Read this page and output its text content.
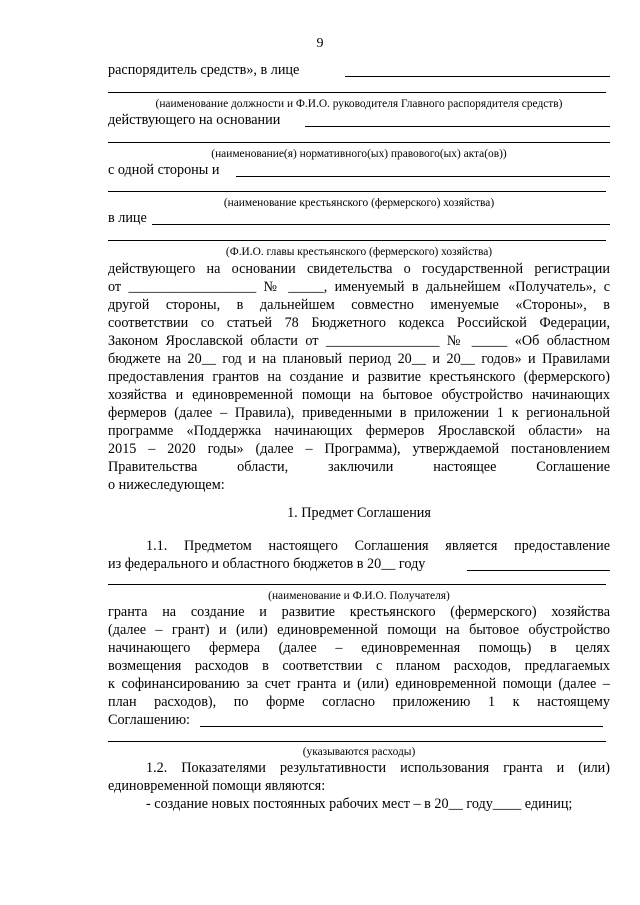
9
распорядитель средств», в лице
(наименование должности и Ф.И.О. руководителя Главного распорядителя средств)
действующего на основании
(наименование(я) нормативного(ых) правового(ых) акта(ов))
с одной стороны и
(наименование крестьянского (фермерского) хозяйства)
в лице
(Ф.И.О. главы крестьянского (фермерского) хозяйства)
действующего на основании свидетельства о государственной регистрации
от __________________ № _____, именуемый в дальнейшем «Получатель», с
другой стороны, в дальнейшем совместно именуемые «Стороны», в
соответствии со статьей 78 Бюджетного кодекса Российской Федерации,
Законом Ярославской области от ________________ № _____ «Об областном
бюджете на 20__ год и на плановый период 20__ и 20__ годов» и Правилами
предоставления грантов на создание и развитие крестьянского (фермерского)
хозяйства и единовременной помощи на бытовое обустройство начинающих
фермеров (далее – Правила), приведенными в приложении 1 к региональной
программе «Поддержка начинающих фермеров Ярославской области» на
2015 – 2020 годы» (далее – Программа), утверждаемой постановлением
Правительства области, заключили настоящее Соглашение
о нижеследующем:
1. Предмет Соглашения
1.1. Предметом настоящего Соглашения является предоставление
из федерального и областного бюджетов в 20__ году
(наименование и Ф.И.О. Получателя)
гранта на создание и развитие крестьянского (фермерского) хозяйства
(далее – грант) и (или) единовременной помощи на бытовое обустройство
начинающего фермера (далее – единовременная помощь) в целях
возмещения расходов в соответствии с планом расходов, предлагаемых
к софинансированию за счет гранта и (или) единовременной помощи (далее –
план расходов), по форме согласно приложению 1 к настоящему
Соглашению:
(указываются расходы)
1.2. Показателями результативности использования гранта и (или)
единовременной помощи являются:
- создание новых постоянных рабочих мест – в 20__ году____ единиц;
